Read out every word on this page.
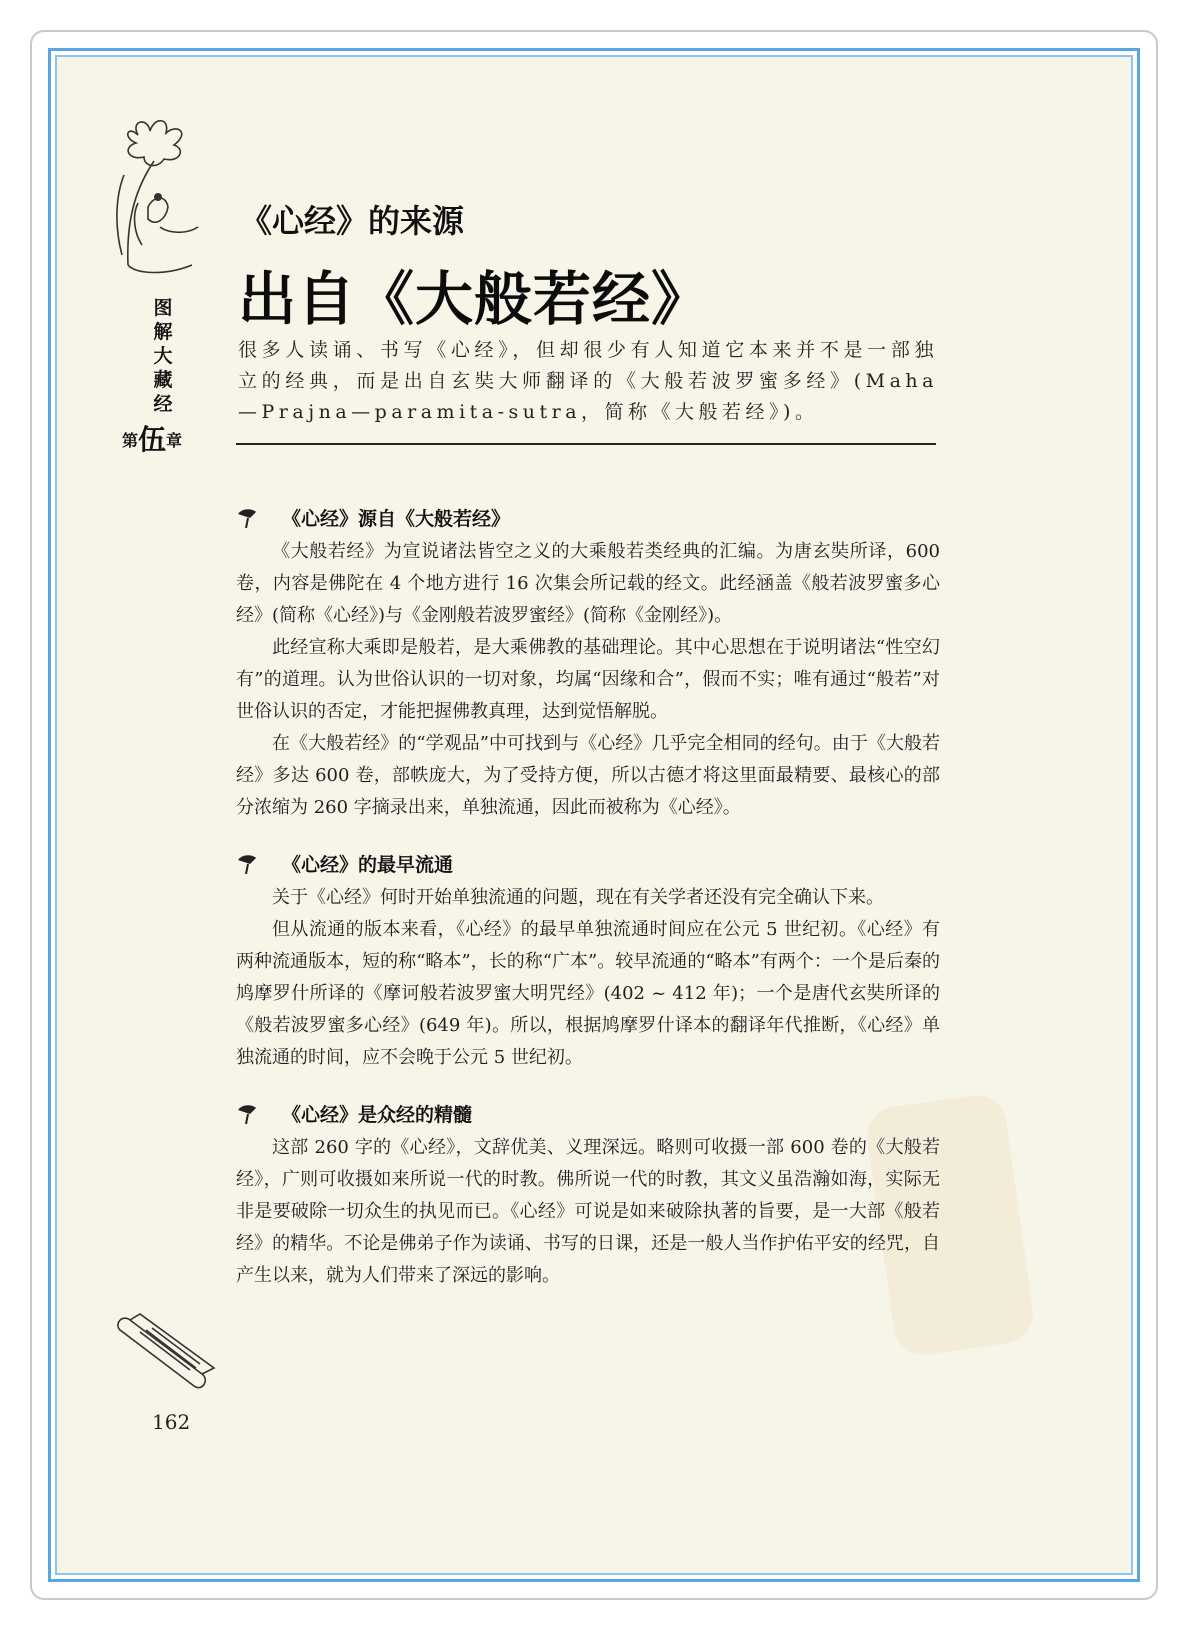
图解大藏经
第伍章
《心经》的来源
出自《大般若经》
很多人读诵、书写《心经》，但却很少有人知道它本来并不是一部独立的经典，而是出自玄奘大师翻译的《大般若波罗蜜多经》(Maha—Prajna—paramita-sutra，简称《大般若经》)。
《心经》源自《大般若经》

《大般若经》为宣说诸法皆空之义的大乘般若类经典的汇编。为唐玄奘所译，600 卷，内容是佛陀在 4 个地方进行 16 次集会所记载的经文。此经涵盖《般若波罗蜜多心经》(简称《心经》)与《金刚般若波罗蜜经》(简称《金刚经》)。

此经宣称大乘即是般若，是大乘佛教的基础理论。其中心思想在于说明诸法“性空幻有”的道理。认为世俗认识的一切对象，均属“因缘和合”，假而不实；唯有通过“般若”对世俗认识的否定，才能把握佛教真理，达到觉悟解脱。

在《大般若经》的“学观品”中可找到与《心经》几乎完全相同的经句。由于《大般若经》多达 600 卷，部帙庞大，为了受持方便，所以古德才将这里面最精要、最核心的部分浓缩为 260 字摘录出来，单独流通，因此而被称为《心经》。

《心经》的最早流通

关于《心经》何时开始单独流通的问题，现在有关学者还没有完全确认下来。

但从流通的版本来看，《心经》的最早单独流通时间应在公元 5 世纪初。《心经》有两种流通版本，短的称“略本”，长的称“广本”。较早流通的“略本”有两个：一个是后秦的鸠摩罗什所译的《摩诃般若波罗蜜大明咒经》(402 ~ 412 年)；一个是唐代玄奘所译的《般若波罗蜜多心经》(649 年)。所以，根据鸠摩罗什译本的翻译年代推断，《心经》单独流通的时间，应不会晚于公元 5 世纪初。

《心经》是众经的精髓

这部 260 字的《心经》，文辞优美、义理深远。略则可收摄一部 600 卷的《大般若经》，广则可收摄如来所说一代的时教。佛所说一代的时教，其文义虽浩瀚如海，实际无非是要破除一切众生的执见而已。《心经》可说是如来破除执著的旨要，是一大部《般若经》的精华。不论是佛弟子作为读诵、书写的日课，还是一般人当作护佑平安的经咒，自产生以来，就为人们带来了深远的影响。

162
